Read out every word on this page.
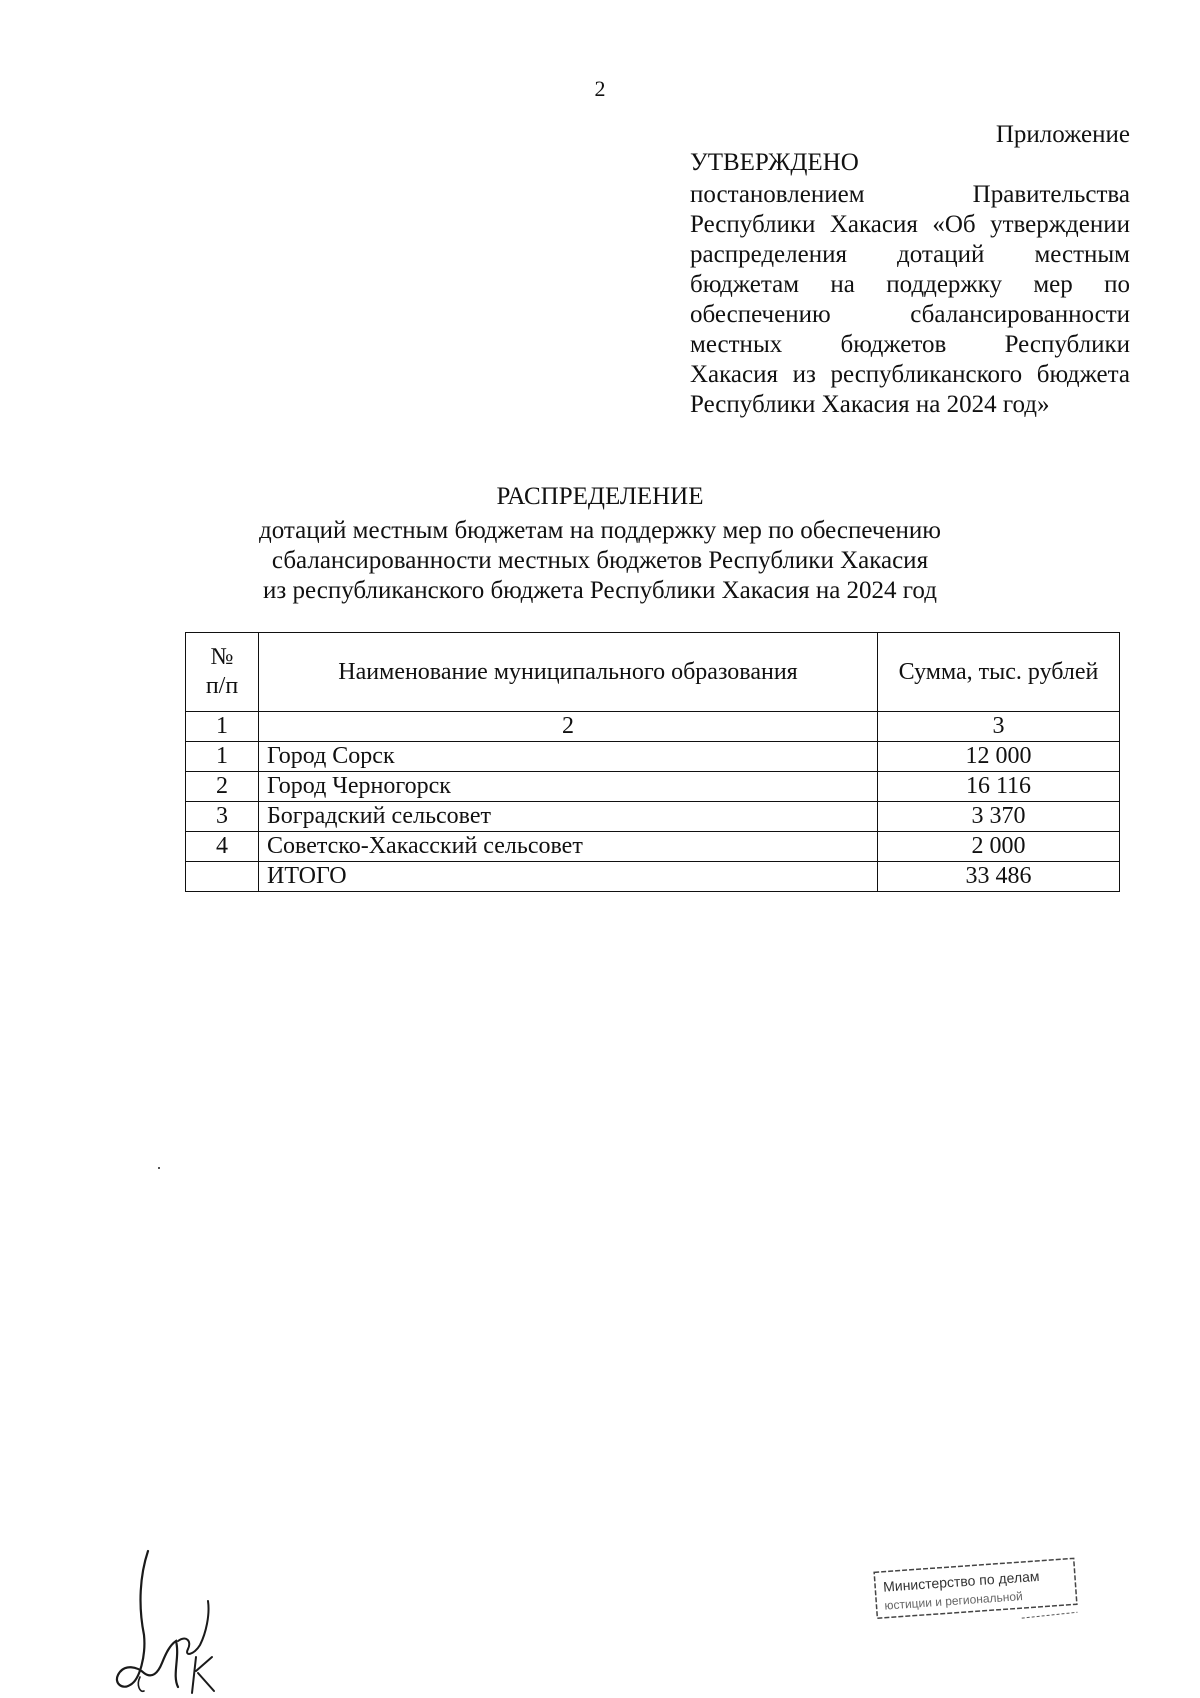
2
Приложение
УТВЕРЖДЕНО
постановлением	Правительства
Республики Хакасия «Об утверждении
распределения дотаций местным
бюджетам на поддержку мер по
обеспечению	сбалансированности
местных бюджетов Республики
Хакасия из республиканского бюджета
Республики Хакасия на 2024 год»
РАСПРЕДЕЛЕНИЕ
дотаций местным бюджетам на поддержку мер по обеспечению
сбалансированности местных бюджетов Республики Хакасия
из республиканского бюджета Республики Хакасия на 2024 год
№
п/п	Наименование муниципального образования	Сумма, тыс. рублей
1	2	3
1	Город Сорск	12 000
2	Город Черногорск	16 116
3	Боградский сельсовет	3 370
4	Советско-Хакасский сельсовет	2 000
	ИТОГО	33 486
Министерство по делам
юстиции и региональной
